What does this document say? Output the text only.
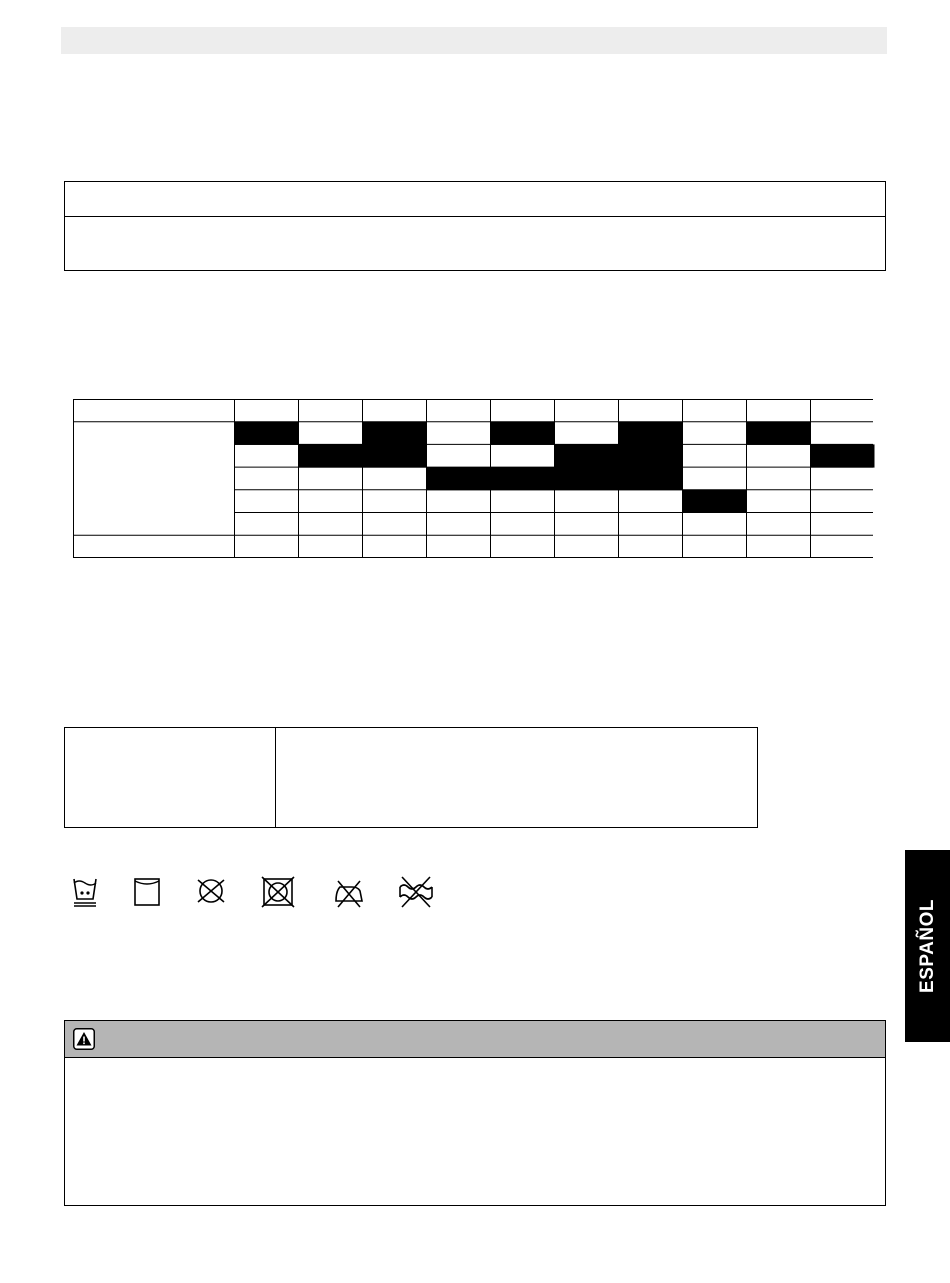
ESPAÑOL
